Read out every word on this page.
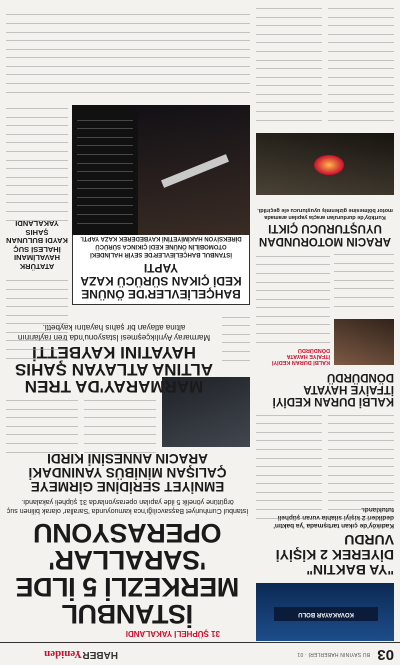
03
BU SAYININ HABERLERİ · 01
HABER
Yeniden
31 ŞÜPHELİ YAKALANDI
İSTANBUL MERKEZLİ 5 İLDE 'SARALLAR' OPERASYONU
İstanbul Cumhuriyet Başsavcılığı'nca kamuoyunda 'Sarallar' olarak bilinen suç örgütüne yönelik 5 ilde yapılan operasyonlarda 31 şüpheli yakalandı.
KOVAKAYAR BOLU
"YA BAKTIN" DİYEREK 2 KİŞİYİ VURDU
Kadıköy'de çıkan tartışmada 'ya baktın' dedikleri 2 kişiyi silahla vuran şüpheli tutuklandı.
EMNİYET SERİDİNE GİRMEYE ÇALIŞAN MİNİBÜS YANINDAKİ ARACIN ANNESİNİ KIRDI
MARMARAY'DA TREN ALTINA ATLAYAN ŞAHIS HAYATINI KAYBETTİ
Marmaray Ayrılıkçeşmesi İstasyonu'nda tren raylarının altına atlayan bir şahıs hayatını kaybetti.
KALBİ DURAN KEDİYİ İTFAİYE HAYATA DÖNDÜRDÜ
KALBİ DURAN KEDİYİ İTFAİYE HAYATA DÖNDÜRDÜ
BAHÇELİEVLER'DE ÖNÜNE KEDİ ÇIKAN SÜRÜCÜ KAZA YAPTI
İSTANBUL BAHÇELİEVLER'DE SEYİR HALİNDEKİ OTOMOBİLİN ÖNÜNE KEDİ ÇIKINCA SÜRÜCÜ DİREKSİYON HAKİMİYETİNİ KAYBEDEREK KAZA YAPTI.
ATATÜRK HAVALİMANI İHALESİ SUÇ KAYDI BULUNAN ŞAHIS YAKALANDI
ARACIN MOTORUNDAN UYUŞTURUCU ÇIKTI
Kurtköy'de durdurulan araçta yapılan aramada motor bölmesine gizlenmiş uyuşturucu ele geçirildi.
